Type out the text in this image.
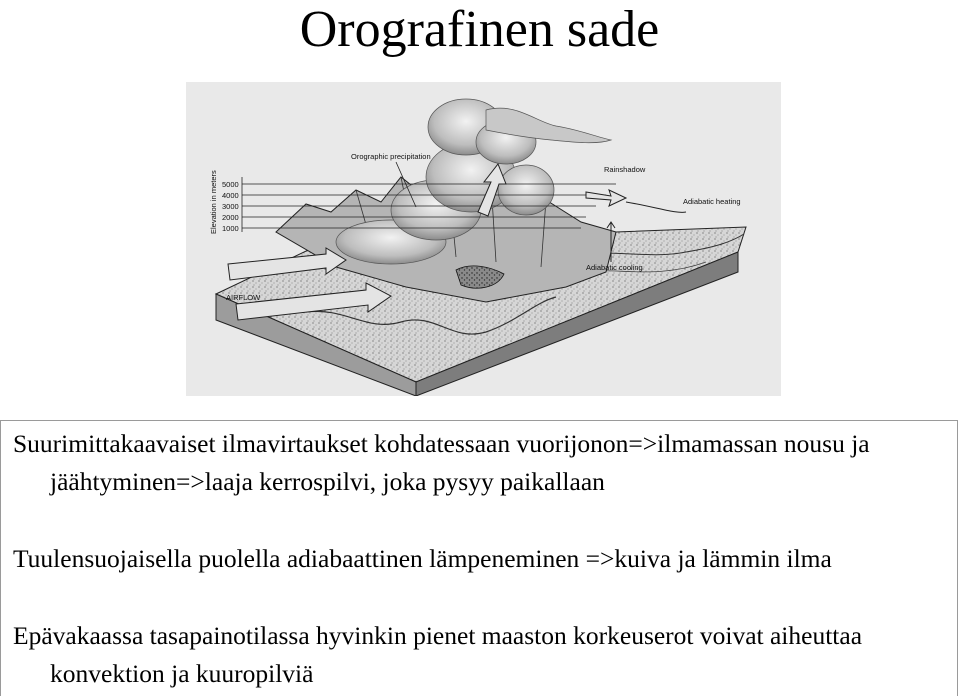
Orografinen sade
5000
4000
3000
2000
1000
Elevation in meters
Orographic precipitation
Rainshadow
Adiabatic heating
Adiabatic cooling
AIRFLOW
Suurimittakaavaiset ilmavirtaukset kohdatessaan vuorijonon=>ilmamassan nousu ja jäähtyminen=>laaja kerrospilvi, joka pysyy paikallaan
Tuulensuojaisella puolella adiabaattinen lämpeneminen =>kuiva ja lämmin ilma
Epävakaassa tasapainotilassa hyvinkin pienet maaston korkeuserot voivat aiheuttaa konvektion ja kuuropilviä
